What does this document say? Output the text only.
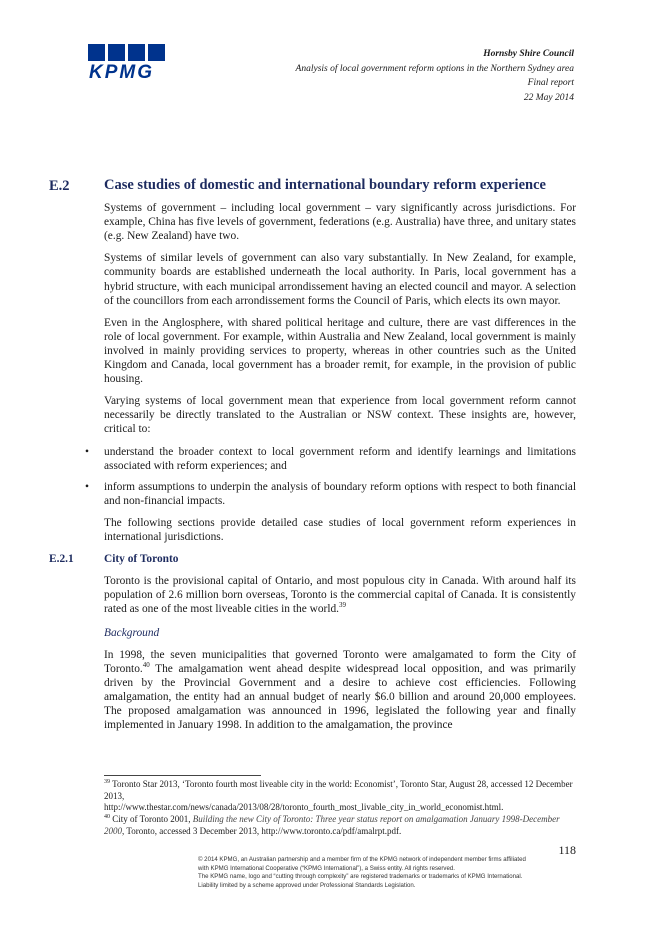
KPMG
Hornsby Shire Council
Analysis of local government reform options in the Northern Sydney area
Final report
22 May 2014
E.2 Case studies of domestic and international boundary reform experience

Systems of government – including local government – vary significantly across jurisdictions. For example, China has five levels of government, federations (e.g. Australia) have three, and unitary states (e.g. New Zealand) have two.

Systems of similar levels of government can also vary substantially. In New Zealand, for example, community boards are established underneath the local authority. In Paris, local government has a hybrid structure, with each municipal arrondissement having an elected council and mayor. A selection of the councillors from each arrondissement forms the Council of Paris, which elects its own mayor.

Even in the Anglosphere, with shared political heritage and culture, there are vast differences in the role of local government. For example, within Australia and New Zealand, local government is mainly involved in mainly providing services to property, whereas in other countries such as the United Kingdom and Canada, local government has a broader remit, for example, in the provision of public housing.

Varying systems of local government mean that experience from local government reform cannot necessarily be directly translated to the Australian or NSW context. These insights are, however, critical to:

• understand the broader context to local government reform and identify learnings and limitations associated with reform experiences; and
• inform assumptions to underpin the analysis of boundary reform options with respect to both financial and non-financial impacts.

The following sections provide detailed case studies of local government reform experiences in international jurisdictions.

E.2.1	City of Toronto

Toronto is the provisional capital of Ontario, and most populous city in Canada. With around half its population of 2.6 million born overseas, Toronto is the commercial capital of Canada. It is consistently rated as one of the most liveable cities in the world.$^{39}$

Background

In 1998, the seven municipalities that governed Toronto were amalgamated to form the City of Toronto.$^{40}$ The amalgamation went ahead despite widespread local opposition, and was primarily driven by the Provincial Government and a desire to achieve cost efficiencies. Following amalgamation, the entity had an annual budget of nearly $6.0 billion and around 20,000 employees. The proposed amalgamation was announced in 1996, legislated the following year and finally implemented in January 1998. In addition to the amalgamation, the province

$^{39}$ Toronto Star 2013, ‘Toronto fourth most liveable city in the world: Economist’, Toronto Star, August 28, accessed 12 December 2013,
http://www.thestar.com/news/canada/2013/08/28/toronto_fourth_most_livable_city_in_world_economist.html.
$^{40}$ City of Toronto 2001, Building the new City of Toronto: Three year status report on amalgamation January 1998-December 2000, Toronto, accessed 3 December 2013, http://www.toronto.ca/pdf/amalrpt.pdf.
118
© 2014 KPMG, an Australian partnership and a member firm of the KPMG network of independent member firms affiliated
with KPMG International Cooperative (“KPMG International”), a Swiss entity. All rights reserved.
The KPMG name, logo and “cutting through complexity” are registered trademarks or trademarks of KPMG International.
Liability limited by a scheme approved under Professional Standards Legislation.
